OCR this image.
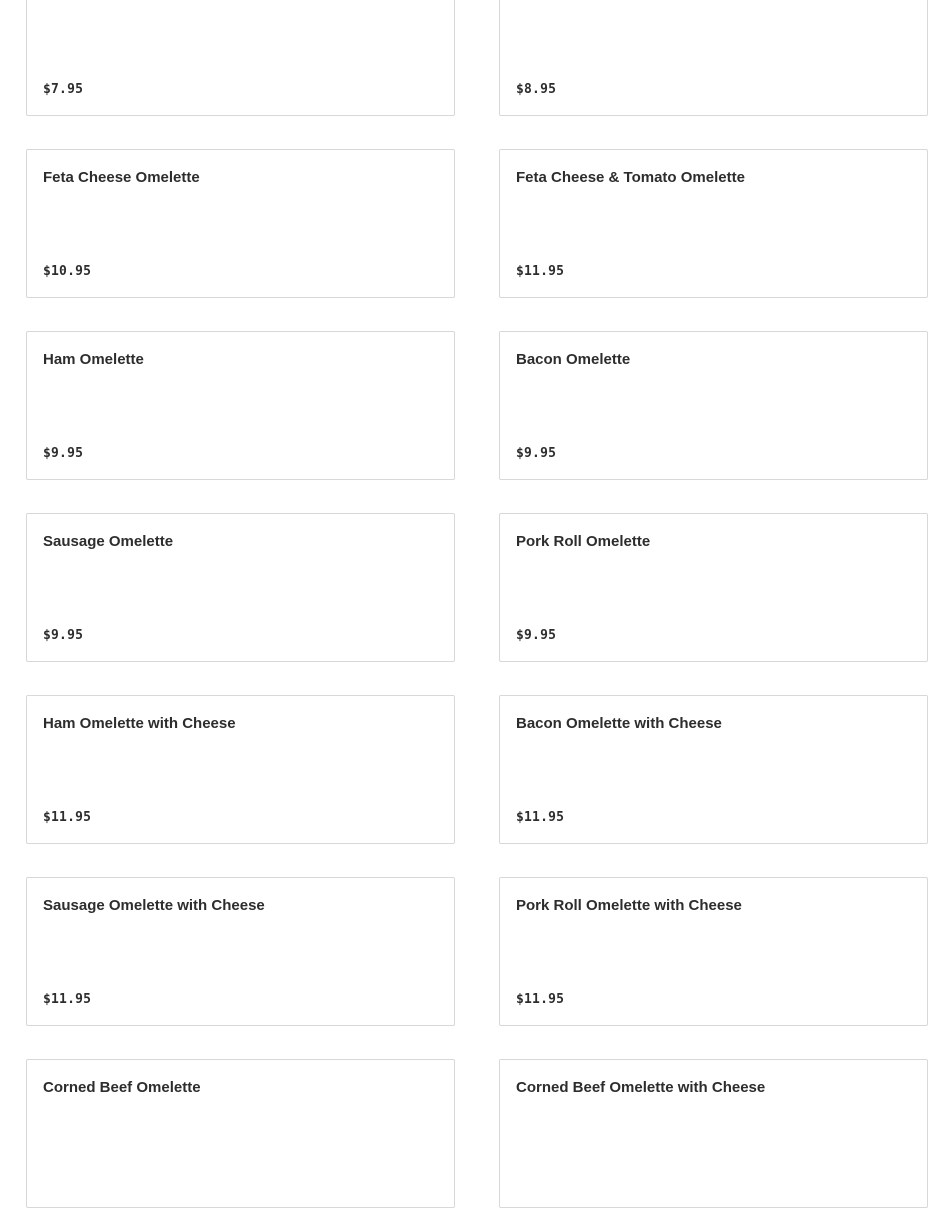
$7.95	$8.95
Feta Cheese Omelette
$10.95
Feta Cheese & Tomato Omelette
$11.95
Ham Omelette
$9.95
Bacon Omelette
$9.95
Sausage Omelette
$9.95
Pork Roll Omelette
$9.95
Ham Omelette with Cheese
$11.95
Bacon Omelette with Cheese
$11.95
Sausage Omelette with Cheese
$11.95
Pork Roll Omelette with Cheese
$11.95
Corned Beef Omelette	Corned Beef Omelette with Cheese
